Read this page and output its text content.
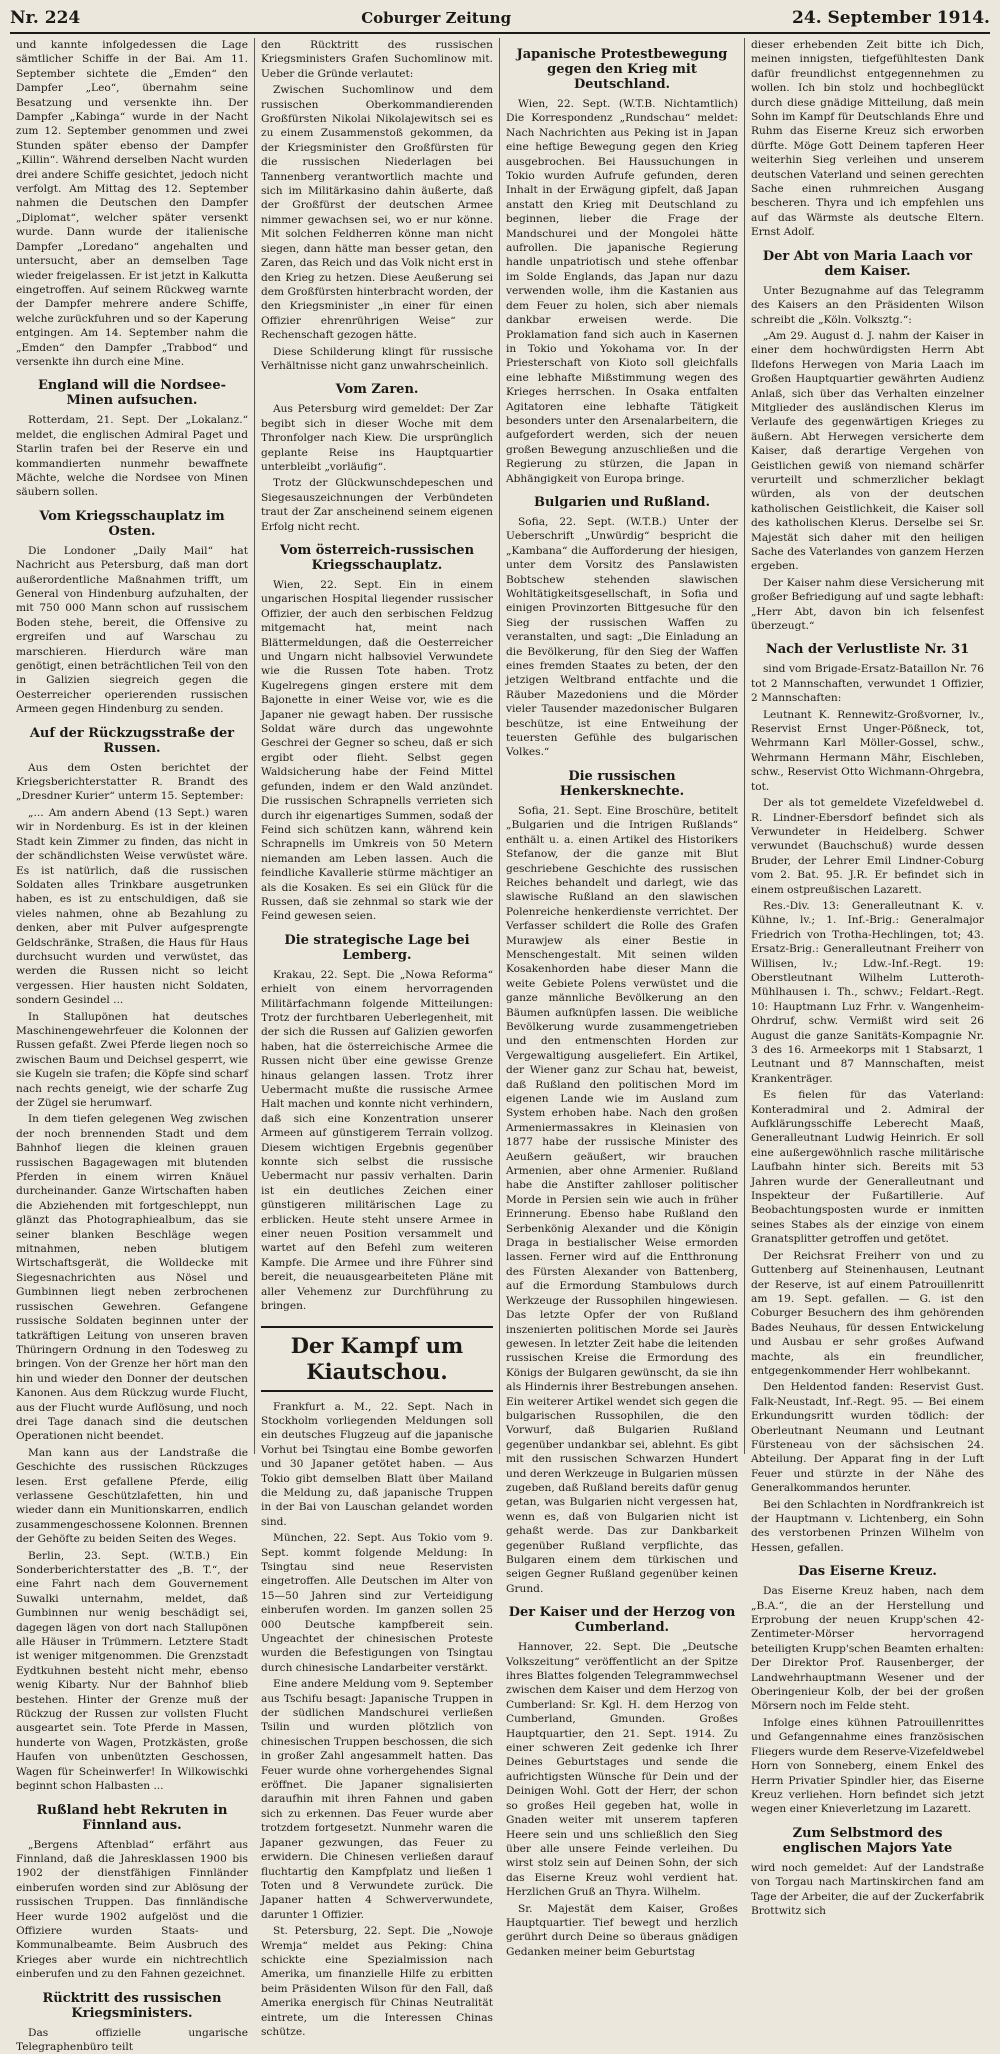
Nr. 224	Coburger Zeitung	24. September 1914.

und kannte infolgedessen die Lage sämtlicher Schiffe in der Bai. Am 11. September sichtete die „Emden“ den Dampfer „Leo“, übernahm seine Besatzung und versenkte ihn. Der Dampfer „Kabinga“ wurde in der Nacht zum 12. September genommen und zwei Stunden später ebenso der Dampfer „Killin“. Während derselben Nacht wurden drei andere Schiffe gesichtet, jedoch nicht verfolgt. Am Mittag des 12. September nahmen die Deutschen den Dampfer „Diplomat“, welcher später versenkt wurde. Dann wurde der italienische Dampfer „Loredano“ angehalten und untersucht, aber an demselben Tage wieder freigelassen. Er ist jetzt in Kalkutta eingetroffen. Auf seinem Rückweg warnte der Dampfer mehrere andere Schiffe, welche zurückfuhren und so der Kaperung entgingen. Am 14. September nahm die „Emden“ den Dampfer „Trabbod“ und versenkte ihn durch eine Mine.

England will die Nordsee-Minen aufsuchen.

Rotterdam, 21. Sept. Der „Lokalanz.“ meldet, die englischen Admiral Paget und Starlin trafen bei der Reserve ein und kommandierten nunmehr bewaffnete Mächte, welche die Nordsee von Minen säubern sollen.

Vom Kriegsschauplatz im Osten.

Die Londoner „Daily Mail“ hat Nachricht aus Petersburg, daß man dort außerordentliche Maßnahmen trifft, um General von Hindenburg aufzuhalten, der mit 750 000 Mann schon auf russischem Boden stehe, bereit, die Offensive zu ergreifen und auf Warschau zu marschieren. Hierdurch wäre man genötigt, einen beträchtlichen Teil von den in Galizien siegreich gegen die Oesterreicher operierenden russischen Armeen gegen Hindenburg zu senden.

Auf der Rückzugsstraße der Russen.

Aus dem Osten berichtet der Kriegsberichterstatter R. Brandt des „Dresdner Kurier“ unterm 15. September:

„... Am andern Abend (13 Sept.) waren wir in Nordenburg. Es ist in der kleinen Stadt kein Zimmer zu finden, das nicht in der schändlichsten Weise verwüstet wäre. Es ist natürlich, daß die russischen Soldaten alles Trinkbare ausgetrunken haben, es ist zu entschuldigen, daß sie vieles nahmen, ohne ab Bezahlung zu denken, aber mit Pulver aufgesprengte Geldschränke, Straßen, die Haus für Haus durchsucht wurden und verwüstet, das werden die Russen nicht so leicht vergessen. Hier hausten nicht Soldaten, sondern Gesindel ...

In Stallupönen hat deutsches Maschinengewehrfeuer die Kolonnen der Russen gefaßt. Zwei Pferde liegen noch so zwischen Baum und Deichsel gesperrt, wie sie Kugeln sie trafen; die Köpfe sind scharf nach rechts geneigt, wie der scharfe Zug der Zügel sie herumwarf.

In dem tiefen gelegenen Weg zwischen der noch brennenden Stadt und dem Bahnhof liegen die kleinen grauen russischen Bagagewagen mit blutenden Pferden in einem wirren Knäuel durcheinander. Ganze Wirtschaften haben die Abziehenden mit fortgeschleppt, nun glänzt das Photographiealbum, das sie seiner blanken Beschläge wegen mitnahmen, neben blutigem Wirtschaftsgerät, die Wolldecke mit Siegesnachrichten aus Nösel und Gumbinnen liegt neben zerbrochenen russischen Gewehren. Gefangene russische Soldaten beginnen unter der tatkräftigen Leitung von unseren braven Thüringern Ordnung in den Todesweg zu bringen. Von der Grenze her hört man den hin und wieder den Donner der deutschen Kanonen. Aus dem Rückzug wurde Flucht, aus der Flucht wurde Auflösung, und noch drei Tage danach sind die deutschen Operationen nicht beendet.

Man kann aus der Landstraße die Geschichte des russischen Rückzuges lesen. Erst gefallene Pferde, eilig verlassene Geschützlafetten, hin und wieder dann ein Munitionskarren, endlich zusammengeschossene Kolonnen. Brennen der Gehöfte zu beiden Seiten des Weges.

Berlin, 23. Sept. (W.T.B.) Ein Sonderberichterstatter des „B. T.“, der eine Fahrt nach dem Gouvernement Suwalki unternahm, meldet, daß Gumbinnen nur wenig beschädigt sei, dagegen lägen von dort nach Stallupönen alle Häuser in Trümmern. Letztere Stadt ist weniger mitgenommen. Die Grenzstadt Eydtkuhnen besteht nicht mehr, ebenso wenig Kibarty. Nur der Bahnhof blieb bestehen. Hinter der Grenze muß der Rückzug der Russen zur vollsten Flucht ausgeartet sein. Tote Pferde in Massen, hunderte von Wagen, Protzkästen, große Haufen von unbenützten Geschossen, Wagen für Scheinwerfer! In Wilkowischki beginnt schon Halbasten ...

Rußland hebt Rekruten in Finnland aus.

„Bergens Aftenblad“ erfährt aus Finnland, daß die Jahresklassen 1900 bis 1902 der dienstfähigen Finnländer einberufen worden sind zur Ablösung der russischen Truppen. Das finnländische Heer wurde 1902 aufgelöst und die Offiziere wurden Staats- und Kommunalbeamte. Beim Ausbruch des Krieges aber wurde ein nichtrechtlich einberufen und zu den Fahnen gezeichnet.

Rücktritt des russischen Kriegsministers.

Das offizielle ungarische Telegraphenbüro teilt

den Rücktritt des russischen Kriegsministers Grafen Suchomlinow mit. Ueber die Gründe verlautet:

Zwischen Suchomlinow und dem russischen Oberkommandierenden Großfürsten Nikolai Nikolajewitsch sei es zu einem Zusammenstoß gekommen, da der Kriegsminister den Großfürsten für die russischen Niederlagen bei Tannenberg verantwortlich machte und sich im Militärkasino dahin äußerte, daß der Großfürst der deutschen Armee nimmer gewachsen sei, wo er nur könne. Mit solchen Feldherren könne man nicht siegen, dann hätte man besser getan, den Zaren, das Reich und das Volk nicht erst in den Krieg zu hetzen. Diese Aeußerung sei dem Großfürsten hinterbracht worden, der den Kriegsminister „in einer für einen Offizier ehrenrührigen Weise“ zur Rechenschaft gezogen hätte.

Diese Schilderung klingt für russische Verhältnisse nicht ganz unwahrscheinlich.

Vom Zaren.

Aus Petersburg wird gemeldet: Der Zar begibt sich in dieser Woche mit dem Thronfolger nach Kiew. Die ursprünglich geplante Reise ins Hauptquartier unterbleibt „vorläufig“.

Trotz der Glückwunschdepeschen und Siegesauszeichnungen der Verbündeten traut der Zar anscheinend seinem eigenen Erfolg nicht recht.

Vom österreich-russischen Kriegsschauplatz.

Wien, 22. Sept. Ein in einem ungarischen Hospital liegender russischer Offizier, der auch den serbischen Feldzug mitgemacht hat, meint nach Blättermeldungen, daß die Oesterreicher und Ungarn nicht halbsoviel Verwundete wie die Russen Tote haben. Trotz Kugelregens gingen erstere mit dem Bajonette in einer Weise vor, wie es die Japaner nie gewagt haben. Der russische Soldat wäre durch das ungewohnte Geschrei der Gegner so scheu, daß er sich ergibt oder flieht. Selbst gegen Waldsicherung habe der Feind Mittel gefunden, indem er den Wald anzündet. Die russischen Schrapnells verrieten sich durch ihr eigenartiges Summen, sodaß der Feind sich schützen kann, während kein Schrapnells im Umkreis von 50 Metern niemanden am Leben lassen. Auch die feindliche Kavallerie stürme mächtiger an als die Kosaken. Es sei ein Glück für die Russen, daß sie zehnmal so stark wie der Feind gewesen seien.

Die strategische Lage bei Lemberg.

Krakau, 22. Sept. Die „Nowa Reforma“ erhielt von einem hervorragenden Militärfachmann folgende Mitteilungen: Trotz der furchtbaren Ueberlegenheit, mit der sich die Russen auf Galizien geworfen haben, hat die österreichische Armee die Russen nicht über eine gewisse Grenze hinaus gelangen lassen. Trotz ihrer Uebermacht mußte die russische Armee Halt machen und konnte nicht verhindern, daß sich eine Konzentration unserer Armeen auf günstigerem Terrain vollzog. Diesem wichtigen Ergebnis gegenüber konnte sich selbst die russische Uebermacht nur passiv verhalten. Darin ist ein deutliches Zeichen einer günstigeren militärischen Lage zu erblicken. Heute steht unsere Armee in einer neuen Position versammelt und wartet auf den Befehl zum weiteren Kampfe. Die Armee und ihre Führer sind bereit, die neuausgearbeiteten Pläne mit aller Vehemenz zur Durchführung zu bringen.

Der Kampf um Kiautschou.

Frankfurt a. M., 22. Sept. Nach in Stockholm vorliegenden Meldungen soll ein deutsches Flugzeug auf die japanische Vorhut bei Tsingtau eine Bombe geworfen und 30 Japaner getötet haben. — Aus Tokio gibt demselben Blatt über Mailand die Meldung zu, daß japanische Truppen in der Bai von Lauschan gelandet worden sind.

München, 22. Sept. Aus Tokio vom 9. Sept. kommt folgende Meldung: In Tsingtau sind neue Reservisten eingetroffen. Alle Deutschen im Alter von 15—50 Jahren sind zur Verteidigung einberufen worden. Im ganzen sollen 25 000 Deutsche kampfbereit sein. Ungeachtet der chinesischen Proteste wurden die Befestigungen von Tsingtau durch chinesische Landarbeiter verstärkt.

Eine andere Meldung vom 9. September aus Tschifu besagt: Japanische Truppen in der südlichen Mandschurei verließen Tsilin und wurden plötzlich von chinesischen Truppen beschossen, die sich in großer Zahl angesammelt hatten. Das Feuer wurde ohne vorhergehendes Signal eröffnet. Die Japaner signalisierten daraufhin mit ihren Fahnen und gaben sich zu erkennen. Das Feuer wurde aber trotzdem fortgesetzt. Nunmehr waren die Japaner gezwungen, das Feuer zu erwidern. Die Chinesen verließen darauf fluchtartig den Kampfplatz und ließen 1 Toten und 8 Verwundete zurück. Die Japaner hatten 4 Schwerverwundete, darunter 1 Offizier.

St. Petersburg, 22. Sept. Die „Nowoje Wremja“ meldet aus Peking: China schickte eine Spezialmission nach Amerika, um finanzielle Hilfe zu erbitten beim Präsidenten Wilson für den Fall, daß Amerika energisch für Chinas Neutralität eintrete, um die Interessen Chinas schütze.

Japanische Protestbewegung gegen den Krieg mit Deutschland.

Wien, 22. Sept. (W.T.B. Nichtamtlich) Die Korrespondenz „Rundschau“ meldet: Nach Nachrichten aus Peking ist in Japan eine heftige Bewegung gegen den Krieg ausgebrochen. Bei Haussuchungen in Tokio wurden Aufrufe gefunden, deren Inhalt in der Erwägung gipfelt, daß Japan anstatt den Krieg mit Deutschland zu beginnen, lieber die Frage der Mandschurei und der Mongolei hätte aufrollen. Die japanische Regierung handle unpatriotisch und stehe offenbar im Solde Englands, das Japan nur dazu verwenden wolle, ihm die Kastanien aus dem Feuer zu holen, sich aber niemals dankbar erweisen werde. Die Proklamation fand sich auch in Kasernen in Tokio und Yokohama vor. In der Priesterschaft von Kioto soll gleichfalls eine lebhafte Mißstimmung wegen des Krieges herrschen. In Osaka entfalten Agitatoren eine lebhafte Tätigkeit besonders unter den Arsenalarbeitern, die aufgefordert werden, sich der neuen großen Bewegung anzuschließen und die Regierung zu stürzen, die Japan in Abhängigkeit von Europa bringe.

Bulgarien und Rußland.

Sofia, 22. Sept. (W.T.B.) Unter der Ueberschrift „Unwürdig“ bespricht die „Kambana“ die Aufforderung der hiesigen, unter dem Vorsitz des Panslawisten Bobtschew stehenden slawischen Wohltätigkeitsgesellschaft, in Sofia und einigen Provinzorten Bittgesuche für den Sieg der russischen Waffen zu veranstalten, und sagt: „Die Einladung an die Bevölkerung, für den Sieg der Waffen eines fremden Staates zu beten, der den jetzigen Weltbrand entfachte und die Räuber Mazedoniens und die Mörder vieler Tausender mazedonischer Bulgaren beschütze, ist eine Entweihung der teuersten Gefühle des bulgarischen Volkes.“

Die russischen Henkersknechte.

Sofia, 21. Sept. Eine Broschüre, betitelt „Bulgarien und die Intrigen Rußlands“ enthält u. a. einen Artikel des Historikers Stefanow, der die ganze mit Blut geschriebene Geschichte des russischen Reiches behandelt und darlegt, wie das slawische Rußland an den slawischen Polenreiche henkerdienste verrichtet. Der Verfasser schildert die Rolle des Grafen Murawjew als einer Bestie in Menschengestalt. Mit seinen wilden Kosakenhorden habe dieser Mann die weite Gebiete Polens verwüstet und die ganze männliche Bevölkerung an den Bäumen aufknüpfen lassen. Die weibliche Bevölkerung wurde zusammengetrieben und den entmenschten Horden zur Vergewaltigung ausgeliefert. Ein Artikel, der Wiener ganz zur Schau hat, beweist, daß Rußland den politischen Mord im eigenen Lande wie im Ausland zum System erhoben habe. Nach den großen Armeniermassakres in Kleinasien von 1877 habe der russische Minister des Aeußern geäußert, wir brauchen Armenien, aber ohne Armenier. Rußland habe die Anstifter zahlloser politischer Morde in Persien sein wie auch in früher Erinnerung. Ebenso habe Rußland den Serbenkönig Alexander und die Königin Draga in bestialischer Weise ermorden lassen. Ferner wird auf die Entthronung des Fürsten Alexander von Battenberg, auf die Ermordung Stambulows durch Werkzeuge der Russophilen hingewiesen. Das letzte Opfer der von Rußland inszenierten politischen Morde sei Jaurès gewesen. In letzter Zeit habe die leitenden russischen Kreise die Ermordung des Königs der Bulgaren gewünscht, da sie ihn als Hindernis ihrer Bestrebungen ansehen. Ein weiterer Artikel wendet sich gegen die bulgarischen Russophilen, die den Vorwurf, daß Bulgarien Rußland gegenüber undankbar sei, ablehnt. Es gibt mit den russischen Schwarzen Hundert und deren Werkzeuge in Bulgarien müssen zugeben, daß Rußland bereits dafür genug getan, was Bulgarien nicht vergessen hat, wenn es, daß von Bulgarien nicht ist gehaßt werde. Das zur Dankbarkeit gegenüber Rußland verpflichte, das Bulgaren einem dem türkischen und seigen Gegner Rußland gegenüber keinen Grund.

Der Kaiser und der Herzog von Cumberland.

Hannover, 22. Sept. Die „Deutsche Volkszeitung“ veröffentlicht an der Spitze ihres Blattes folgenden Telegrammwechsel zwischen dem Kaiser und dem Herzog von Cumberland: Sr. Kgl. H. dem Herzog von Cumberland, Gmunden. Großes Hauptquartier, den 21. Sept. 1914. Zu einer schweren Zeit gedenke ich Ihrer Deines Geburtstages und sende die aufrichtigsten Wünsche für Dein und der Deinigen Wohl. Gott der Herr, der schon so großes Heil gegeben hat, wolle in Gnaden weiter mit unserem tapferen Heere sein und uns schließlich den Sieg über alle unsere Feinde verleihen. Du wirst stolz sein auf Deinen Sohn, der sich das Eiserne Kreuz wohl verdient hat. Herzlichen Gruß an Thyra. Wilhelm.

Sr. Majestät dem Kaiser, Großes Hauptquartier. Tief bewegt und herzlich gerührt durch Deine so überaus gnädigen Gedanken meiner beim Geburtstag

dieser erhebenden Zeit bitte ich Dich, meinen innigsten, tiefgefühltesten Dank dafür freundlichst entgegennehmen zu wollen. Ich bin stolz und hochbeglückt durch diese gnädige Mitteilung, daß mein Sohn im Kampf für Deutschlands Ehre und Ruhm das Eiserne Kreuz sich erworben dürfte. Möge Gott Deinem tapferen Heer weiterhin Sieg verleihen und unserem deutschen Vaterland und seinen gerechten Sache einen ruhmreichen Ausgang bescheren. Thyra und ich empfehlen uns auf das Wärmste als deutsche Eltern. Ernst Adolf.

Der Abt von Maria Laach vor dem Kaiser.

Unter Bezugnahme auf das Telegramm des Kaisers an den Präsidenten Wilson schreibt die „Köln. Volksztg.“:

„Am 29. August d. J. nahm der Kaiser in einer dem hochwürdigsten Herrn Abt Ildefons Herwegen von Maria Laach im Großen Hauptquartier gewährten Audienz Anlaß, sich über das Verhalten einzelner Mitglieder des ausländischen Klerus im Verlaufe des gegenwärtigen Krieges zu äußern. Abt Herwegen versicherte dem Kaiser, daß derartige Vergehen von Geistlichen gewiß von niemand schärfer verurteilt und schmerzlicher beklagt würden, als von der deutschen katholischen Geistlichkeit, die Kaiser soll des katholischen Klerus. Derselbe sei Sr. Majestät sich daher mit den heiligen Sache des Vaterlandes von ganzem Herzen ergeben.

Der Kaiser nahm diese Versicherung mit großer Befriedigung auf und sagte lebhaft: „Herr Abt, davon bin ich felsenfest überzeugt.“

Nach der Verlustliste Nr. 31

sind vom Brigade-Ersatz-Bataillon Nr. 76 tot 2 Mannschaften, verwundet 1 Offizier, 2 Mannschaften:

Leutnant K. Rennewitz-Großvorner, lv., Reservist Ernst Unger-Pößneck, tot, Wehrmann Karl Möller-Gossel, schw., Wehrmann Hermann Mähr, Eischleben, schw., Reservist Otto Wichmann-Ohrgebra, tot.

Der als tot gemeldete Vizefeldwebel d. R. Lindner-Ebersdorf befindet sich als Verwundeter in Heidelberg. Schwer verwundet (Bauchschuß) wurde dessen Bruder, der Lehrer Emil Lindner-Coburg vom 2. Bat. 95. J.R. Er befindet sich in einem ostpreußischen Lazarett.

Res.-Div. 13: Generalleutnant K. v. Kühne, lv.; 1. Inf.-Brig.: Generalmajor Friedrich von Trotha-Hechlingen, tot; 43. Ersatz-Brig.: Generalleutnant Freiherr von Willisen, lv.; Ldw.-Inf.-Regt. 19: Oberstleutnant Wilhelm Lutteroth-Mühlhausen i. Th., schwv.; Feldart.-Regt. 10: Hauptmann Luz Frhr. v. Wangenheim-Ohrdruf, schw. Vermißt wird seit 26 August die ganze Sanitäts-Kompagnie Nr. 3 des 16. Armeekorps mit 1 Stabsarzt, 1 Leutnant und 87 Mannschaften, meist Krankenträger.

Es fielen für das Vaterland: Konteradmiral und 2. Admiral der Aufklärungsschiffe Leberecht Maaß, Generalleutnant Ludwig Heinrich. Er soll eine außergewöhnlich rasche militärische Laufbahn hinter sich. Bereits mit 53 Jahren wurde der Generalleutnant und Inspekteur der Fußartillerie. Auf Beobachtungsposten wurde er inmitten seines Stabes als der einzige von einem Granatsplitter getroffen und getötet.

Der Reichsrat Freiherr von und zu Guttenberg auf Steinenhausen, Leutnant der Reserve, ist auf einem Patrouillenritt am 19. Sept. gefallen. — G. ist den Coburger Besuchern des ihm gehörenden Bades Neuhaus, für dessen Entwickelung und Ausbau er sehr großes Aufwand machte, als ein freundlicher, entgegenkommender Herr wohlbekannt.

Den Heldentod fanden: Reservist Gust. Falk-Neustadt, Inf.-Regt. 95. — Bei einem Erkundungsritt wurden tödlich: der Oberleutnant Neumann und Leutnant Fürsteneau von der sächsischen 24. Abteilung. Der Apparat fing in der Luft Feuer und stürzte in der Nähe des Generalkommandos herunter.

Bei den Schlachten in Nordfrankreich ist der Hauptmann v. Lichtenberg, ein Sohn des verstorbenen Prinzen Wilhelm von Hessen, gefallen.

Das Eiserne Kreuz.

Das Eiserne Kreuz haben, nach dem „B.A.“, die an der Herstellung und Erprobung der neuen Krupp'schen 42-Zentimeter-Mörser hervorragend beteiligten Krupp'schen Beamten erhalten: Der Direktor Prof. Rausenberger, der Landwehrhauptmann Wesener und der Oberingenieur Kolb, der bei der großen Mörsern noch im Felde steht.

Infolge eines kühnen Patrouillenrittes und Gefangennahme eines französischen Fliegers wurde dem Reserve-Vizefeldwebel Horn von Sonneberg, einem Enkel des Herrn Privatier Spindler hier, das Eiserne Kreuz verliehen. Horn befindet sich jetzt wegen einer Knieverletzung im Lazarett.

Zum Selbstmord des englischen Majors Yate

wird noch gemeldet: Auf der Landstraße von Torgau nach Martinskirchen fand am Tage der Arbeiter, die auf der Zuckerfabrik Brottwitz sich
